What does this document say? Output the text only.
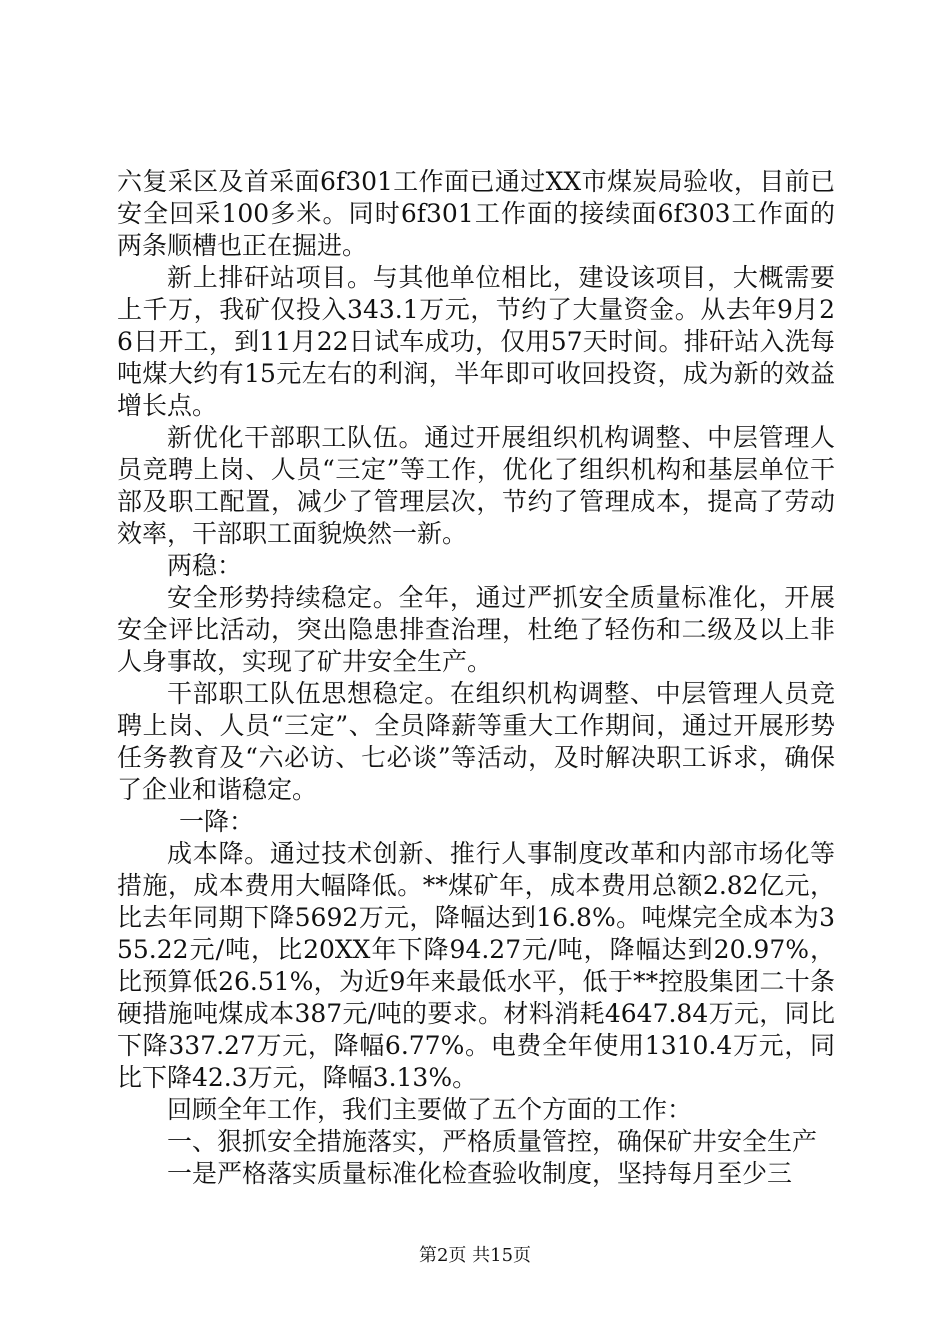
六复采区及首采面6f301工作面已通过XX市煤炭局验收，目前已安全回采100多米。同时6f301工作面的接续面6f303工作面的两条顺槽也正在掘进。

新上排矸站项目。与其他单位相比，建设该项目，大概需要上千万，我矿仅投入343.1万元，节约了大量资金。从去年9月26日开工，到11月22日试车成功，仅用57天时间。排矸站入洗每吨煤大约有15元左右的利润，半年即可收回投资，成为新的效益增长点。

新优化干部职工队伍。通过开展组织机构调整、中层管理人员竞聘上岗、人员“三定”等工作，优化了组织机构和基层单位干部及职工配置，减少了管理层次，节约了管理成本，提高了劳动效率，干部职工面貌焕然一新。

两稳：

安全形势持续稳定。全年，通过严抓安全质量标准化，开展安全评比活动，突出隐患排查治理，杜绝了轻伤和二级及以上非人身事故，实现了矿井安全生产。

干部职工队伍思想稳定。在组织机构调整、中层管理人员竞聘上岗、人员“三定”、全员降薪等重大工作期间，通过开展形势任务教育及“六必访、七必谈”等活动，及时解决职工诉求，确保了企业和谐稳定。

一降：

成本降。通过技术创新、推行人事制度改革和内部市场化等措施，成本费用大幅降低。**煤矿年，成本费用总额2.82亿元，比去年同期下降5692万元，降幅达到16.8%。吨煤完全成本为355.22元/吨，比20XX年下降94.27元/吨，降幅达到20.97%，比预算低26.51%，为近9年来最低水平，低于**控股集团二十条硬措施吨煤成本387元/吨的要求。材料消耗4647.84万元，同比下降337.27万元，降幅6.77%。电费全年使用1310.4万元，同比下降42.3万元，降幅3.13%。

回顾全年工作，我们主要做了五个方面的工作：

一、狠抓安全措施落实，严格质量管控，确保矿井安全生产

一是严格落实质量标准化检查验收制度，坚持每月至少三

第2页 共15页
